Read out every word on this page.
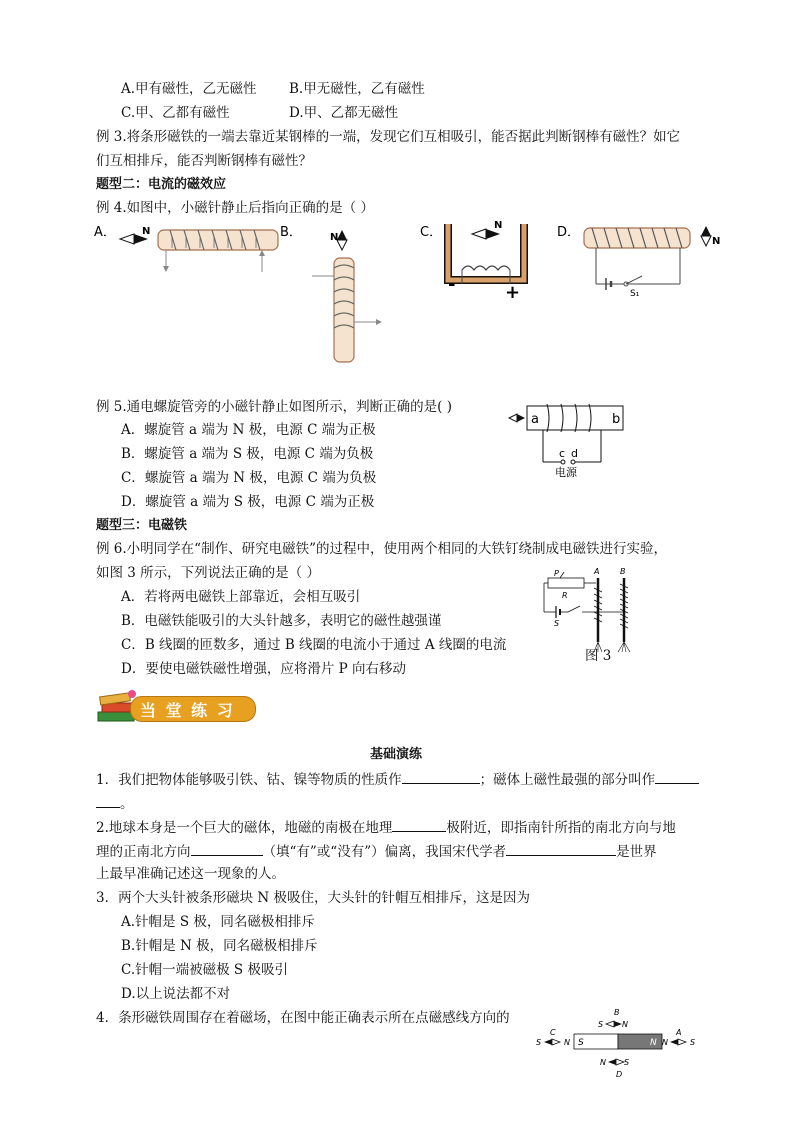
A.甲有磁性，乙无磁性 B.甲无磁性，乙有磁性
C.甲、乙都有磁性	D.甲、乙都无磁性
例 3.将条形磁铁的一端去靠近某钢棒的一端，发现它们互相吸引，能否据此判断钢棒有磁性？如它
们互相排斥，能否判断钢棒有磁性？
题型二：电流的磁效应
例 4.如图中，小磁针静止后指向正确的是（ ）
A．	N	B．	N	C．	N
-	+
D．
S₁
N
例 5.通电螺旋管旁的小磁针静止如图所示，判断正确的是( )
A．螺旋管 a 端为 N 极，电源 C 端为正极
B．螺旋管 a 端为 S 极，电源 C 端为负极
C．螺旋管 a 端为 N 极，电源 C 端为负极
D．螺旋管 a 端为 S 极，电源 C 端为正极
a	b
c d
电源
题型三：电磁铁
例 6.小明同学在“制作、研究电磁铁”的过程中，使用两个相同的大铁钉绕制成电磁铁进行实验，
如图 3 所示，下列说法正确的是（ ）
A．若将两电磁铁上部靠近，会相互吸引
B．电磁铁能吸引的大头针越多，表明它的磁性越强谨
C．B 线圈的匝数多，通过 B 线圈的电流小于通过 A 线圈的电流
D．要使电磁铁磁性增强，应将滑片 P 向右移动
P
R
S
A	B
图 3
当 堂 练 习
基础演练
1．我们把物体能够吸引铁、钴、镍等物质的性质作	；磁体上磁性最强的部分叫作
。
2.地球本身是一个巨大的磁体，地磁的南极在地理	极附近，即指南针所指的南北方向与地
理的正南北方向	（填“有”或“没有”）偏离，我国宋代学者	是世界
上最早准确记述这一现象的人。
3．两个大头针被条形磁块 N 极吸住，大头针的针帽互相排斥，这是因为
A.针帽是 S 极，同名磁极相排斥
B.针帽是 N 极，同名磁极相排斥
C.针帽一端被磁极 S 极吸引
D.以上说法都不对
4．条形磁铁周围存在着磁场，在图中能正确表示所在点磁感线方向的	B
S N
C
S	N
A
N	S
N S
D
S	N
